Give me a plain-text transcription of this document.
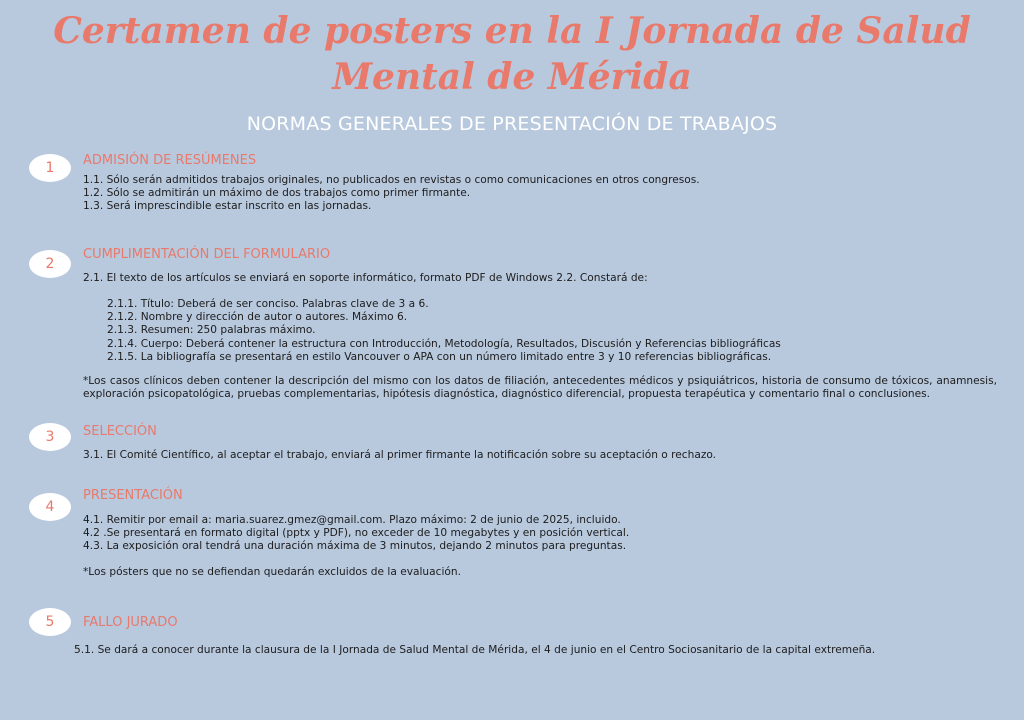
Certamen de posters en la I Jornada de Salud
Mental de Mérida
NORMAS GENERALES DE PRESENTACIÓN DE TRABAJOS
1	ADMISIÓN DE RESÚMENES

1.1. Sólo serán admitidos trabajos originales, no publicados en revistas o como comunicaciones en otros congresos.

1.2. Sólo se admitirán un máximo de dos trabajos como primer firmante.

1.3. Será imprescindible estar inscrito en las jornadas.

2
CUMPLIMENTACIÓN DEL FORMULARIO

2.1. El texto de los artículos se enviará en soporte informático, formato PDF de Windows 2.2. Constará de:

2.1.1. Título: Deberá de ser conciso. Palabras clave de 3 a 6.

2.1.2. Nombre y dirección de autor o autores. Máximo 6.

2.1.3. Resumen: 250 palabras máximo.

2.1.4. Cuerpo: Deberá contener la estructura con Introducción, Metodología, Resultados, Discusión y Referencias bibliográficas

2.1.5. La bibliografía se presentará en estilo Vancouver o APA con un número limitado entre 3 y 10 referencias bibliográficas.

*Los casos clínicos deben contener la descripción del mismo con los datos de filiación, antecedentes médicos y psiquiátricos, historia de consumo de tóxicos, anamnesis, exploración psicopatológica, pruebas complementarias, hipótesis diagnóstica, diagnóstico diferencial, propuesta terapéutica y comentario final o conclusiones.

3	SELECCIÓN

3.1. El Comité Científico, al aceptar el trabajo, enviará al primer firmante la notificación sobre su aceptación o rechazo.

4
PRESENTACIÓN

4.1. Remitir por email a: maria.suarez.gmez@gmail.com. Plazo máximo: 2 de junio de 2025, incluido.

4.2 .Se presentará en formato digital (pptx y PDF), no exceder de 10 megabytes y en posición vertical.

4.3. La exposición oral tendrá una duración máxima de 3 minutos, dejando 2 minutos para preguntas.

*Los pósters que no se defiendan quedarán excluidos de la evaluación.

5	FALLO JURADO

5.1. Se dará a conocer durante la clausura de la I Jornada de Salud Mental de Mérida, el 4 de junio en el Centro Sociosanitario de la capital extremeña.
